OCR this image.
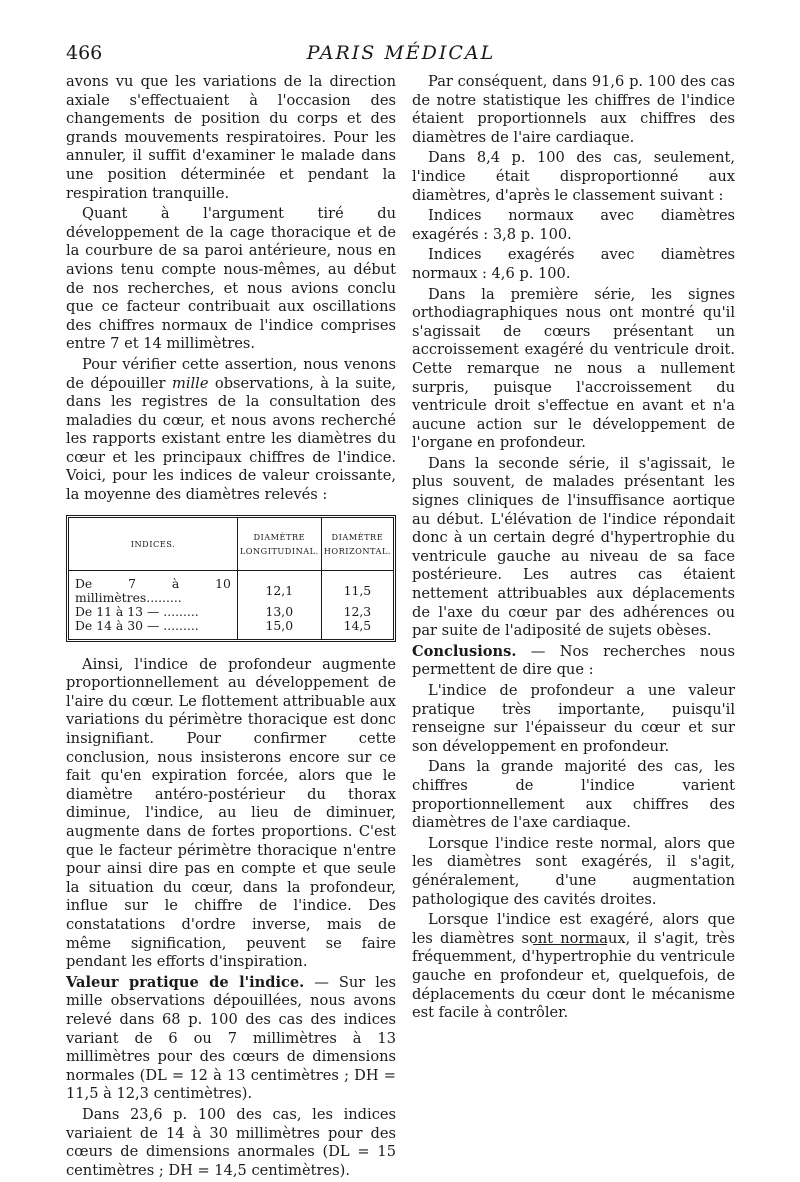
466	PARIS MÉDICAL

avons vu que les variations de la direction axiale s'effectuaient à l'occasion des changements de position du corps et des grands mouvements respiratoires. Pour les annuler, il suffit d'examiner le malade dans une position déterminée et pendant la respiration tranquille.

Quant à l'argument tiré du développement de la cage thoracique et de la courbure de sa paroi antérieure, nous en avions tenu compte nous-mêmes, au début de nos recherches, et nous avions conclu que ce facteur contribuait aux oscillations des chiffres normaux de l'indice comprises entre 7 et 14 millimètres.

Pour vérifier cette assertion, nous venons de dépouiller mille observations, à la suite, dans les registres de la consultation des maladies du cœur, et nous avons recherché les rapports existant entre les diamètres du cœur et les principaux chiffres de l'indice. Voici, pour les indices de valeur croissante, la moyenne des diamètres relevés :

INDICES.	DIAMÈTRE LONGITUDINAL.	DIAMÈTRE HORIZONTAL.
De 7 à 10 millimètres.........	12,1	11,5
De 11 à 13 — .........	13,0	12,3
De 14 à 30 — .........	15,0	14,5

Ainsi, l'indice de profondeur augmente proportionnellement au développement de l'aire du cœur. Le flottement attribuable aux variations du périmètre thoracique est donc insignifiant. Pour confirmer cette conclusion, nous insisterons encore sur ce fait qu'en expiration forcée, alors que le diamètre antéro-postérieur du thorax diminue, l'indice, au lieu de diminuer, augmente dans de fortes proportions. C'est que le facteur périmètre thoracique n'entre pour ainsi dire pas en compte et que seule la situation du cœur, dans la profondeur, influe sur le chiffre de l'indice. Des constatations d'ordre inverse, mais de même signification, peuvent se faire pendant les efforts d'inspiration.

Valeur pratique de l'indice. — Sur les mille observations dépouillées, nous avons relevé dans 68 p. 100 des cas des indices variant de 6 ou 7 millimètres à 13 millimètres pour des cœurs de dimensions normales (DL = 12 à 13 centimètres ; DH = 11,5 à 12,3 centimètres).

Dans 23,6 p. 100 des cas, les indices variaient de 14 à 30 millimètres pour des cœurs de dimensions anormales (DL = 15 centimètres ; DH = 14,5 centimètres).

Par conséquent, dans 91,6 p. 100 des cas de notre statistique les chiffres de l'indice étaient proportionnels aux chiffres des diamètres de l'aire cardiaque.

Dans 8,4 p. 100 des cas, seulement, l'indice était disproportionné aux diamètres, d'après le classement suivant :

Indices normaux avec diamètres exagérés : 3,8 p. 100.

Indices exagérés avec diamètres normaux : 4,6 p. 100.

Dans la première série, les signes orthodiagraphiques nous ont montré qu'il s'agissait de cœurs présentant un accroissement exagéré du ventricule droit. Cette remarque ne nous a nullement surpris, puisque l'accroissement du ventricule droit s'effectue en avant et n'a aucune action sur le développement de l'organe en profondeur.

Dans la seconde série, il s'agissait, le plus souvent, de malades présentant les signes cliniques de l'insuffisance aortique au début. L'élévation de l'indice répondait donc à un certain degré d'hypertrophie du ventricule gauche au niveau de sa face postérieure. Les autres cas étaient nettement attribuables aux déplacements de l'axe du cœur par des adhérences ou par suite de l'adiposité de sujets obèses.

Conclusions. — Nos recherches nous permettent de dire que :

L'indice de profondeur a une valeur pratique très importante, puisqu'il renseigne sur l'épaisseur du cœur et sur son développement en profondeur.

Dans la grande majorité des cas, les chiffres de l'indice varient proportionnellement aux chiffres des diamètres de l'axe cardiaque.

Lorsque l'indice reste normal, alors que les diamètres sont exagérés, il s'agit, généralement, d'une augmentation pathologique des cavités droites.

Lorsque l'indice est exagéré, alors que les diamètres sont normaux, il s'agit, très fréquemment, d'hypertrophie du ventricule gauche en profondeur et, quelquefois, de déplacements du cœur dont le mécanisme est facile à contrôler.
